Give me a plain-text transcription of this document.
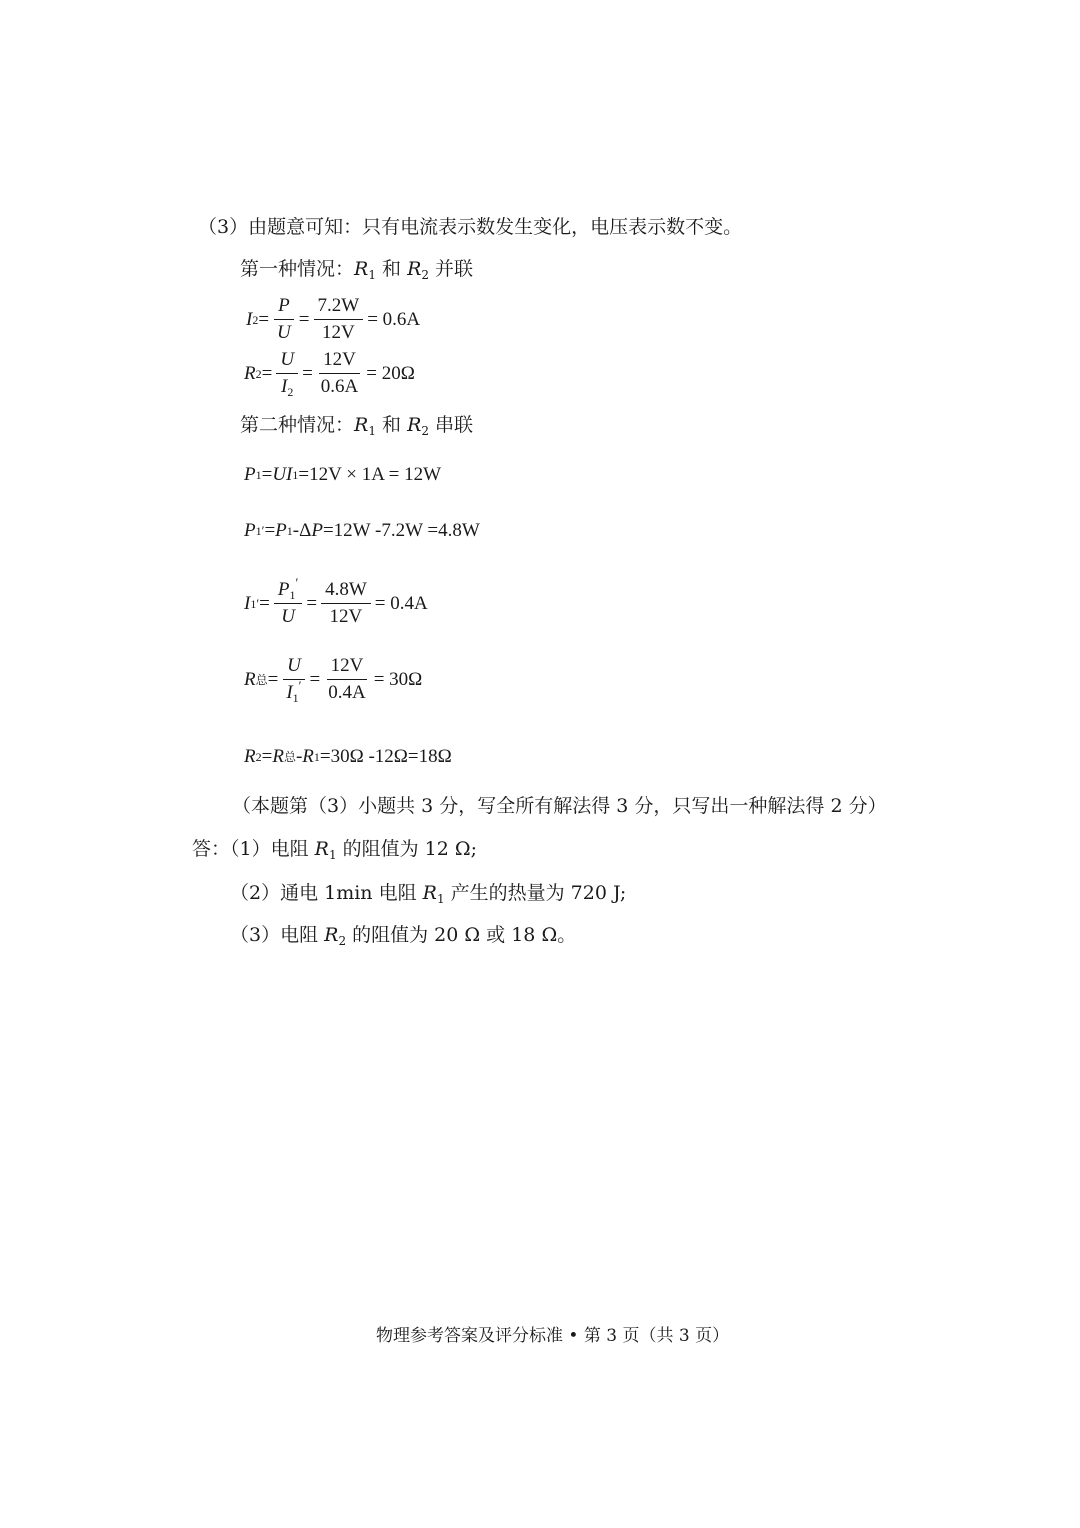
（3）由题意可知：只有电流表示数发生变化，电压表示数不变。
第一种情况：$R_1$ 和 $R_2$ 并联
I $2 = \frac{P}{U} = \frac{7.2W}{12V} = 0.6A$
R $2 = \frac{U}{I_2} = \frac{12V}{0.6A} = 20\Omega$
第二种情况：$R_1$ 和 $R_2$ 串联
P 1 = UI 1 =12V × 1A = 12W
P 1 ′ = P 1 -Δ P =12W -7.2W =4.8W
I 1 ′ = $\frac{P_1'}{U} = \frac{4.8W}{12V} = 0.4A$
R 总 = $\frac{U}{I_1'} = \frac{12V}{0.4A} = 30\Omega$
R 2 = R 总 - R 1 =30Ω -12Ω=18Ω
（本题第（3）小题共 3 分，写全所有解法得 3 分，只写出一种解法得 2 分）
答：（1）电阻 $R_1$ 的阻值为 12 Ω;
（2）通电 1min 电阻 $R_1$ 产生的热量为 720 J;
（3）电阻 $R_2$ 的阻值为 20 Ω 或 18 Ω。
物理参考答案及评分标准 • 第 3 页（共 3 页）
